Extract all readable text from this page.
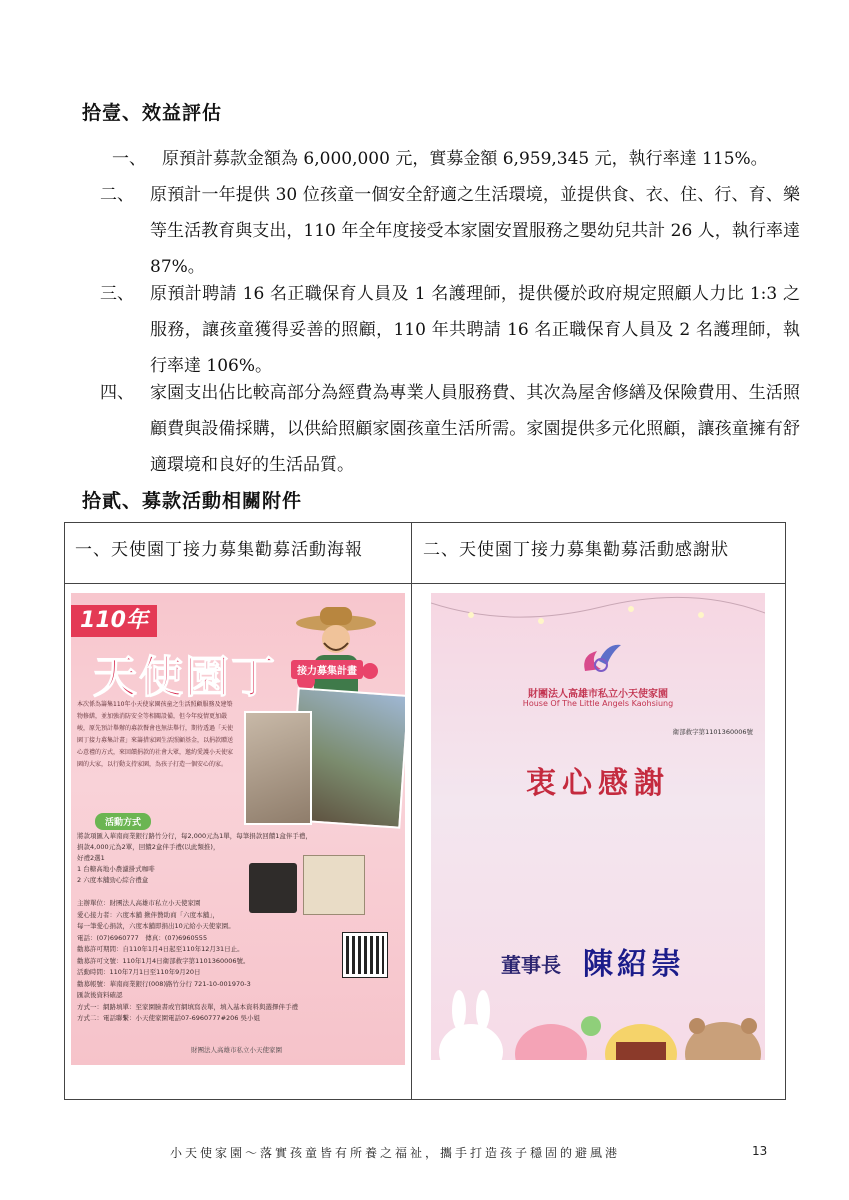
拾壹、效益評估
一、 原預計募款金額為 6,000,000 元，實募金額 6,959,345 元，執行率達 115%。
二、 原預計一年提供 30 位孩童一個安全舒適之生活環境，並提供食、衣、住、行、育、樂等生活教育與支出，110 年全年度接受本家園安置服務之嬰幼兒共計 26 人，執行率達 87%。
三、 原預計聘請 16 名正職保育人員及 1 名護理師，提供優於政府規定照顧人力比 1:3 之服務，讓孩童獲得妥善的照顧，110 年共聘請 16 名正職保育人員及 2 名護理師，執行率達 106%。
四、 家園支出佔比較高部分為經費為專業人員服務費、其次為屋舍修繕及保險費用、生活照顧費與設備採購，以供給照顧家園孩童生活所需。家園提供多元化照顧，讓孩童擁有舒適環境和良好的生活品質。
拾貳、募款活動相關附件
一、天使園丁接力募集勸募活動海報	二、天使園丁接力募集勸募活動感謝狀
110年
天使園丁	接力募集計畫
本次係為籌集110年小天使家園孩童之生活照顧服務及建築物修繕，並加強消防安全等相關設備，但今年疫情更加嚴峻，原先預計舉辦的募款餐會也無法舉行，期待透過「天使園丁接力募集計畫」來籌措家園生活照顧基金，以捐款贈送心意禮的方式，來回饋捐款的社會大眾，邀約愛護小天使家園的大家，以行動支持家園，為孩子打造一個安心的家。
活動方式
將款項匯入華南商業銀行路竹分行，每2,000元為1單，每筆捐款回饋1盒伴手禮，
捐款4,000元為2單，回饋2盒伴手禮(以此類推)，
好禮2選1
1 台糖高地小農濾掛式咖啡
2 六度本舖勁心綜合禮盒
主辦單位：財團法人高雄市私立小天使家園
愛心接力者：六度本舖 揪伴贊助商「六度本舖」，
每一筆愛心捐款，六度本舖即捐出10元給小天使家園。
電話：(07)6960777　傳真：(07)6960555
勸募許可期間：自110年1月4日起至110年12月31日止。
勸募許可文號：110年1月4日衛部救字第1101360006號。
活動時間：110年7月1日至110年9月20日
勸募帳號：華南商業銀行(008)路竹分行 721-10-001970-3
匯款後資料確認
方式一：網路填單：至家園臉書或官網填寫表單，填入基本資料與選擇伴手禮
方式二：電話聯繫：小天使家園電話07-6960777#206 吳小姐
財團法人高雄市私立小天使家園
財團法人高雄市私立小天使家園
House Of The Little Angels Kaohsiung
衛部救字第1101360006號
衷心感謝
董事長 陳紹崇
小天使家園～落實孩童皆有所養之福祉，攜手打造孩子穩固的避風港	13
